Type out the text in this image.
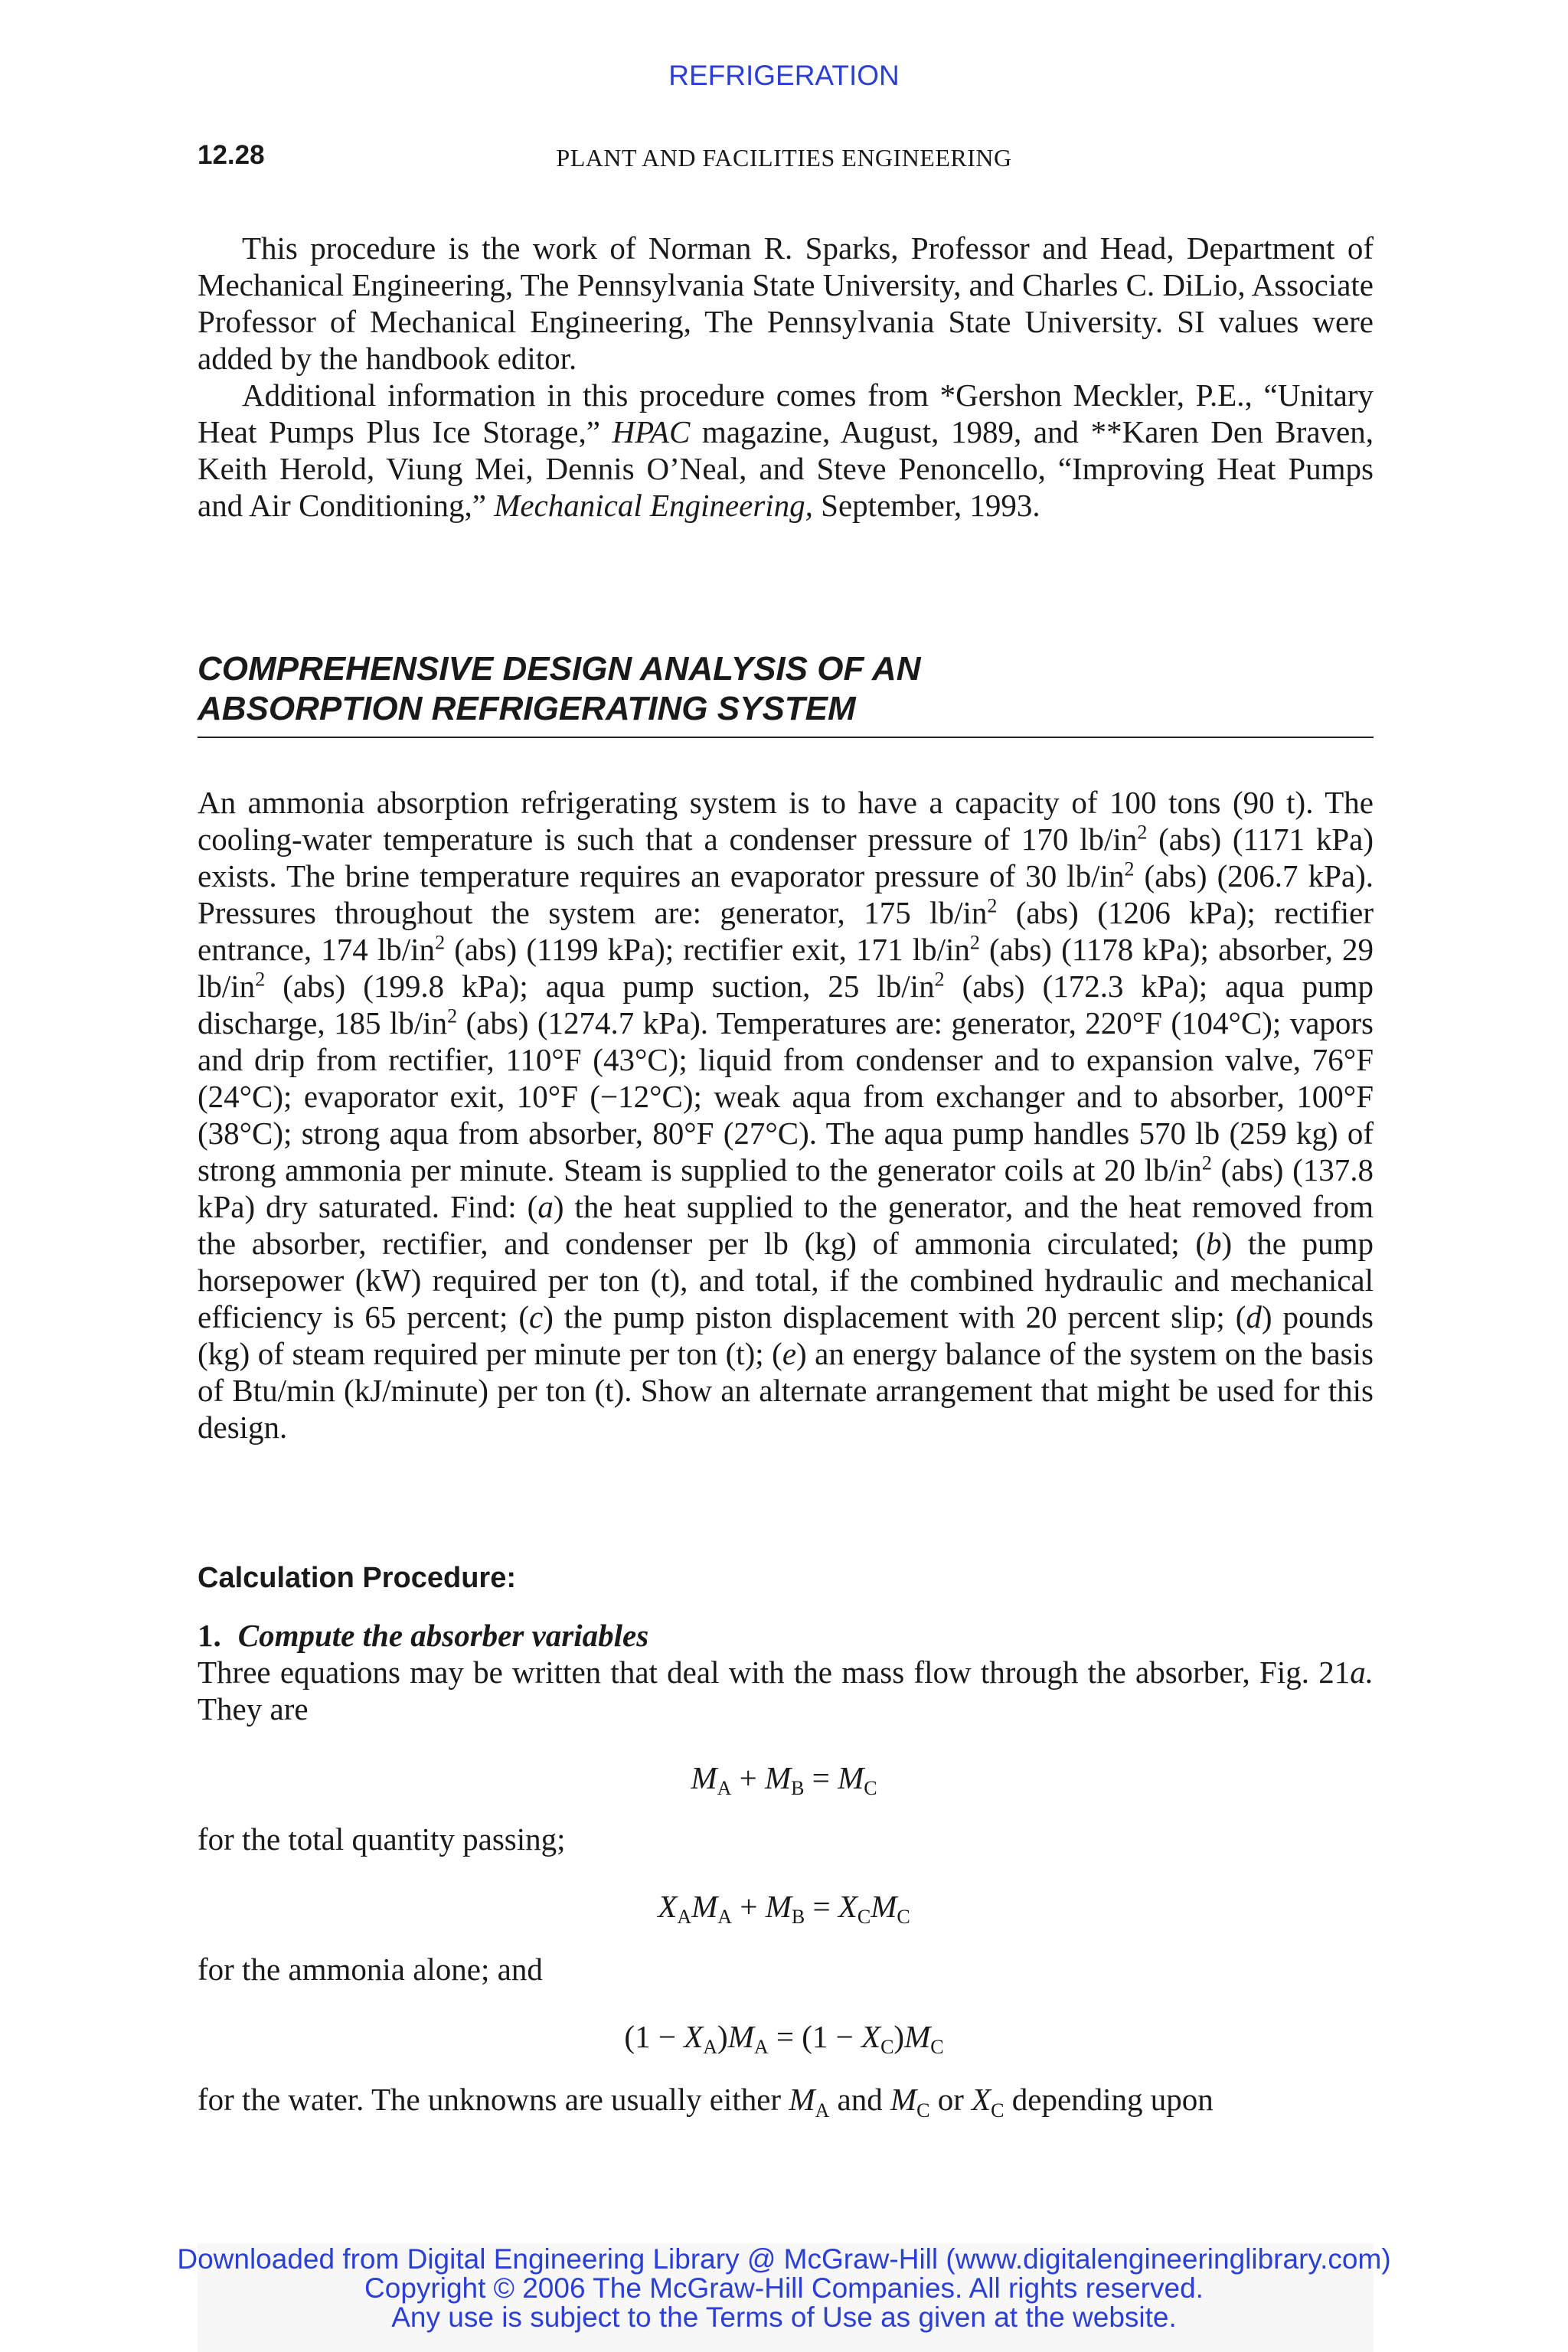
REFRIGERATION
12.28	PLANT AND FACILITIES ENGINEERING

This procedure is the work of Norman R. Sparks, Professor and Head, Department of Mechanical Engineering, The Pennsylvania State University, and Charles C. DiLio, Associate Professor of Mechanical Engineering, The Pennsylvania State University. SI values were added by the handbook editor.

Additional information in this procedure comes from *Gershon Meckler, P.E., “Unitary Heat Pumps Plus Ice Storage,” HPAC magazine, August, 1989, and **Karen Den Braven, Keith Herold, Viung Mei, Dennis O’Neal, and Steve Penoncello, “Improving Heat Pumps and Air Conditioning,” Mechanical Engineering, September, 1993.

COMPREHENSIVE DESIGN ANALYSIS OF AN
ABSORPTION REFRIGERATING SYSTEM

An ammonia absorption refrigerating system is to have a capacity of 100 tons (90 t). The cooling-water temperature is such that a condenser pressure of 170 $lb/in^2$ (abs) (1171 kPa) exists. The brine temperature requires an evaporator pressure of 30 $lb/in^2$ (abs) (206.7 kPa). Pressures throughout the system are: generator, 175 $lb/in^2$ (abs) (1206 kPa); rectifier entrance, 174 $lb/in^2$ (abs) (1199 kPa); rectifier exit, 171 $lb/in^2$ (abs) (1178 kPa); absorber, 29 $lb/in^2$ (abs) (199.8 kPa); aqua pump suction, 25 $lb/in^2$ (abs) (172.3 kPa); aqua pump discharge, 185 $lb/in^2$ (abs) (1274.7 kPa). Temperatures are: generator, 220°F (104°C); vapors and drip from rectifier, 110°F (43°C); liquid from condenser and to expansion valve, 76°F (24°C); evaporator exit, 10°F (−12°C); weak aqua from exchanger and to absorber, 100°F (38°C); strong aqua from absorber, 80°F (27°C). The aqua pump handles 570 lb (259 kg) of strong ammonia per minute. Steam is supplied to the generator coils at 20 $lb/in^2$ (abs) (137.8 kPa) dry saturated. Find: (a) the heat supplied to the generator, and the heat removed from the absorber, rectifier, and condenser per lb (kg) of ammonia circulated; (b) the pump horsepower (kW) required per ton (t), and total, if the combined hydraulic and mechanical efficiency is 65 percent; (c) the pump piston displacement with 20 percent slip; (d) pounds (kg) of steam required per minute per ton (t); (e) an energy balance of the system on the basis of Btu/min (kJ/minute) per ton (t). Show an alternate arrangement that might be used for this design.

Calculation Procedure:
1. Compute the absorber variables

Three equations may be written that deal with the mass flow through the absorber, Fig. 21a. They are

$M_A + M_B = M_C$
for the total quantity passing;
$X_AM_A + M_B = X_CM_C$
for the ammonia alone; and
$(1 - X_A)M_A = (1 - X_C)M_C$

for the water. The unknowns are usually either $M_A$ and $M_C$ or $X_C$ depending upon

Downloaded from Digital Engineering Library @ McGraw-Hill (www.digitalengineeringlibrary.com)
Copyright © 2006 The McGraw-Hill Companies. All rights reserved.
Any use is subject to the Terms of Use as given at the website.
